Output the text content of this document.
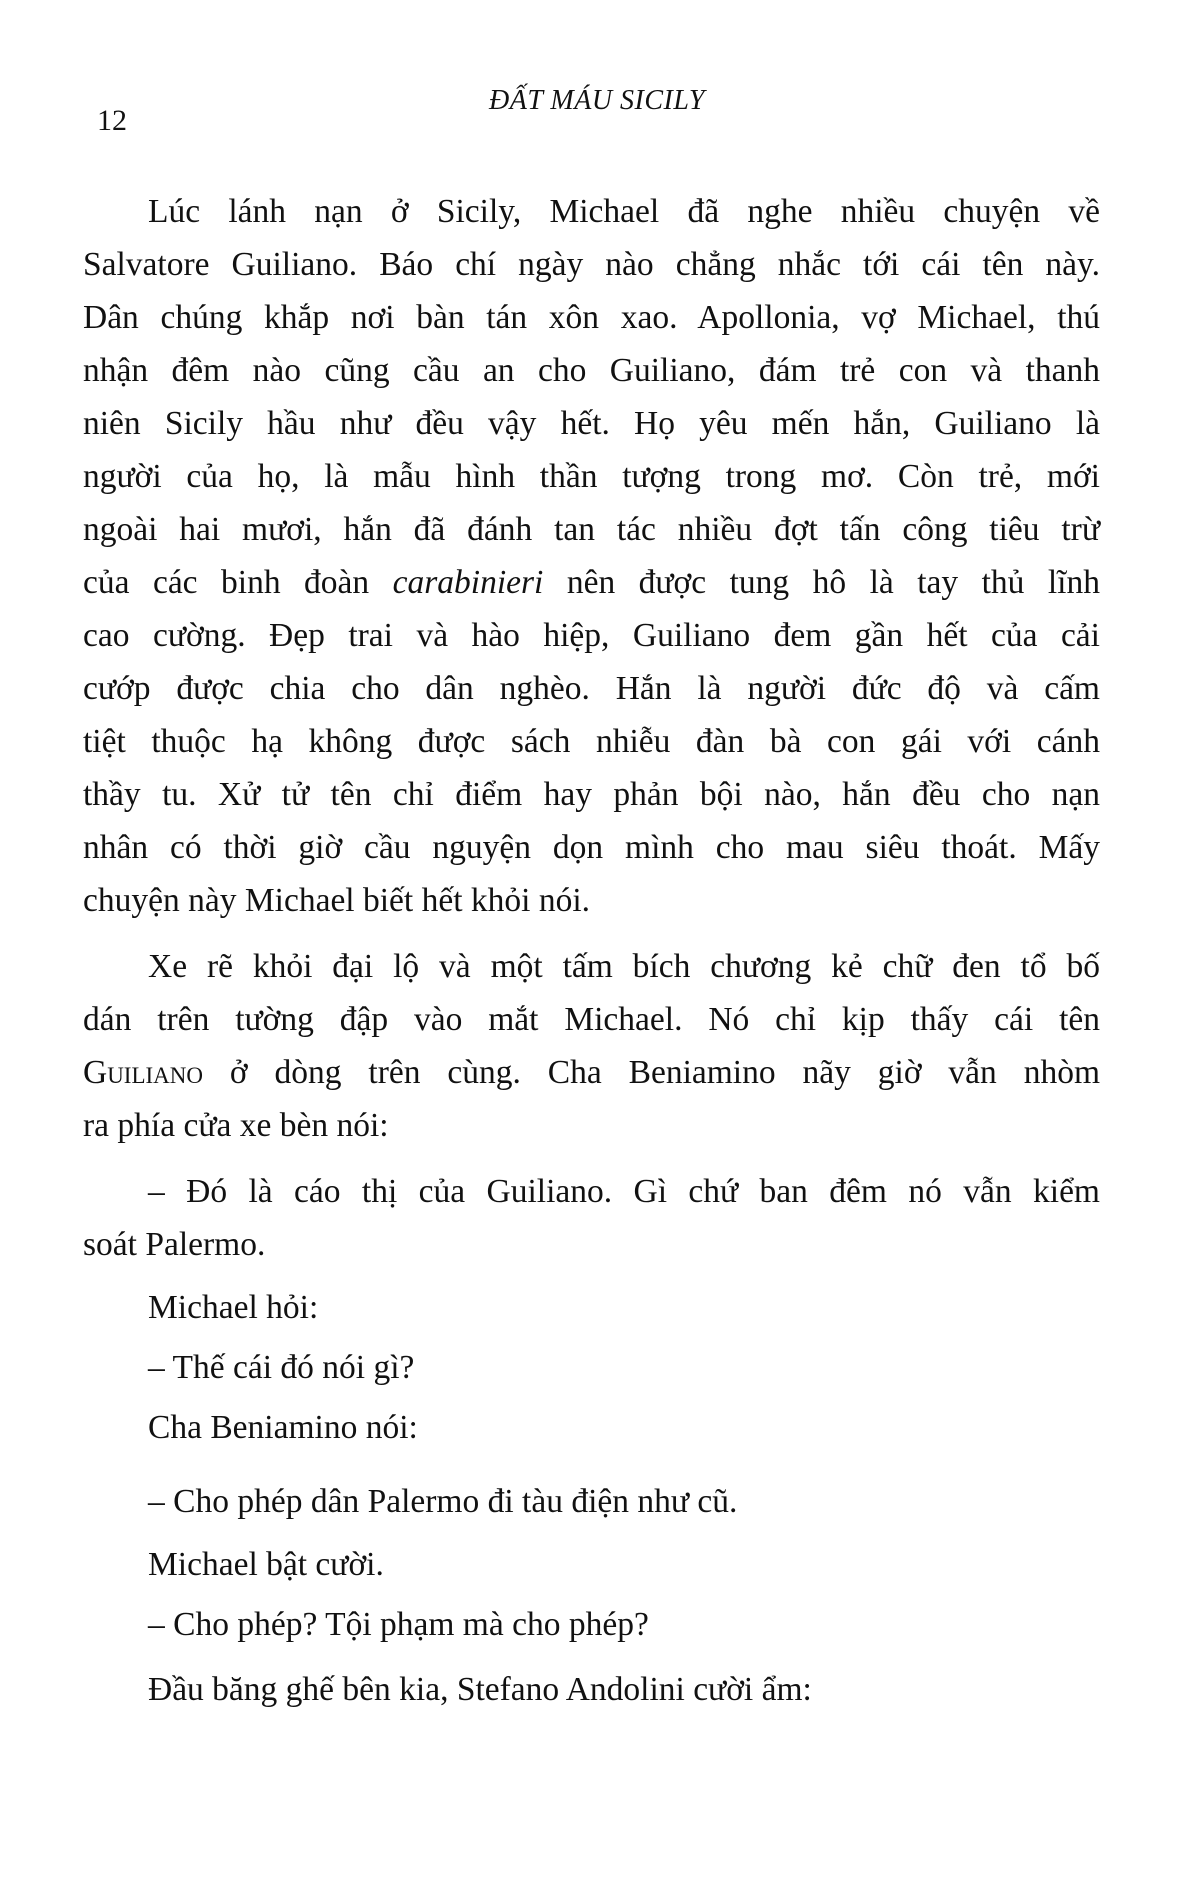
12
ĐẤT MÁU SICILY
Lúc lánh nạn ở Sicily, Michael đã nghe nhiều chuyện về
Salvatore Guiliano. Báo chí ngày nào chẳng nhắc tới cái tên này.
Dân chúng khắp nơi bàn tán xôn xao. Apollonia, vợ Michael, thú
nhận đêm nào cũng cầu an cho Guiliano, đám trẻ con và thanh
niên Sicily hầu như đều vậy hết. Họ yêu mến hắn, Guiliano là
người của họ, là mẫu hình thần tượng trong mơ. Còn trẻ, mới
ngoài hai mươi, hắn đã đánh tan tác nhiều đợt tấn công tiêu trừ
của các binh đoàn carabinieri nên được tung hô là tay thủ lĩnh
cao cường. Đẹp trai và hào hiệp, Guiliano đem gần hết của cải
cướp được chia cho dân nghèo. Hắn là người đức độ và cấm
tiệt thuộc hạ không được sách nhiễu đàn bà con gái với cánh
thầy tu. Xử tử tên chỉ điểm hay phản bội nào, hắn đều cho nạn
nhân có thời giờ cầu nguyện dọn mình cho mau siêu thoát. Mấy
chuyện này Michael biết hết khỏi nói.
Xe rẽ khỏi đại lộ và một tấm bích chương kẻ chữ đen tổ bố
dán trên tường đập vào mắt Michael. Nó chỉ kịp thấy cái tên
Guiliano ở dòng trên cùng. Cha Beniamino nãy giờ vẫn nhòm
ra phía cửa xe bèn nói:
– Đó là cáo thị của Guiliano. Gì chứ ban đêm nó vẫn kiểm
soát Palermo.
Michael hỏi:
– Thế cái đó nói gì?
Cha Beniamino nói:
– Cho phép dân Palermo đi tàu điện như cũ.
Michael bật cười.
– Cho phép? Tội phạm mà cho phép?
Đầu băng ghế bên kia, Stefano Andolini cười ẩm:
